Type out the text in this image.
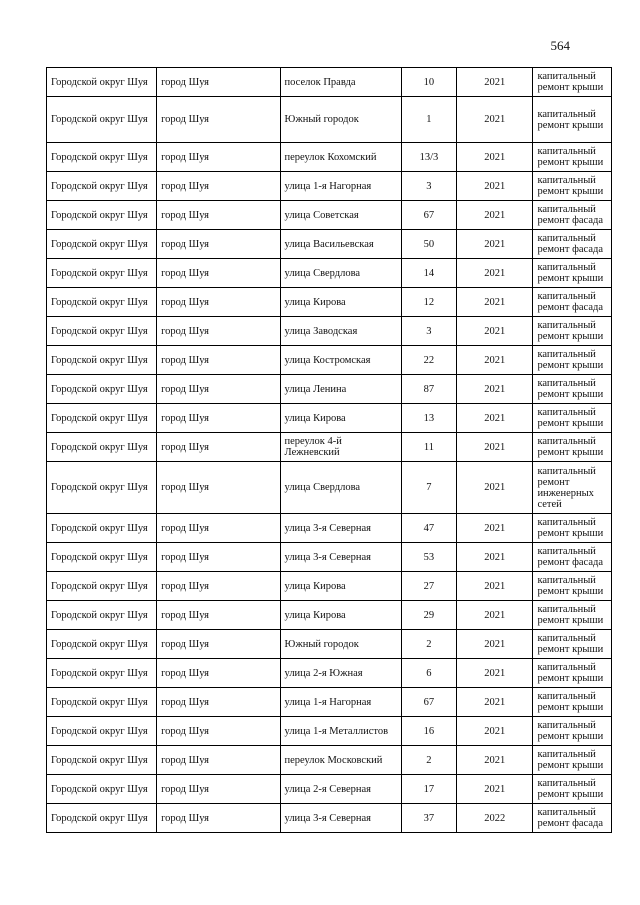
564
Городской округ Шуя	город Шуя	поселок Правда	10	2021	капитальный ремонт крыши
Городской округ Шуя	город Шуя	Южный городок	1	2021	капитальный ремонт крыши
Городской округ Шуя	город Шуя	переулок Кохомский	13/3	2021	капитальный ремонт крыши
Городской округ Шуя	город Шуя	улица 1-я Нагорная	3	2021	капитальный ремонт крыши
Городской округ Шуя	город Шуя	улица Советская	67	2021	капитальный ремонт фасада
Городской округ Шуя	город Шуя	улица Васильевская	50	2021	капитальный ремонт фасада
Городской округ Шуя	город Шуя	улица Свердлова	14	2021	капитальный ремонт крыши
Городской округ Шуя	город Шуя	улица Кирова	12	2021	капитальный ремонт фасада
Городской округ Шуя	город Шуя	улица Заводская	3	2021	капитальный ремонт крыши
Городской округ Шуя	город Шуя	улица Костромская	22	2021	капитальный ремонт крыши
Городской округ Шуя	город Шуя	улица Ленина	87	2021	капитальный ремонт крыши
Городской округ Шуя	город Шуя	улица Кирова	13	2021	капитальный ремонт крыши
Городской округ Шуя	город Шуя	переулок 4-й Лежневский	11	2021	капитальный ремонт крыши
Городской округ Шуя	город Шуя	улица Свердлова	7	2021	капитальный ремонт инженерных сетей
Городской округ Шуя	город Шуя	улица 3-я Северная	47	2021	капитальный ремонт крыши
Городской округ Шуя	город Шуя	улица 3-я Северная	53	2021	капитальный ремонт фасада
Городской округ Шуя	город Шуя	улица Кирова	27	2021	капитальный ремонт крыши
Городской округ Шуя	город Шуя	улица Кирова	29	2021	капитальный ремонт крыши
Городской округ Шуя	город Шуя	Южный городок	2	2021	капитальный ремонт крыши
Городской округ Шуя	город Шуя	улица 2-я Южная	6	2021	капитальный ремонт крыши
Городской округ Шуя	город Шуя	улица 1-я Нагорная	67	2021	капитальный ремонт крыши
Городской округ Шуя	город Шуя	улица 1-я Металлистов	16	2021	капитальный ремонт крыши
Городской округ Шуя	город Шуя	переулок Московский	2	2021	капитальный ремонт крыши
Городской округ Шуя	город Шуя	улица 2-я Северная	17	2021	капитальный ремонт крыши
Городской округ Шуя	город Шуя	улица 3-я Северная	37	2022	капитальный ремонт фасада
